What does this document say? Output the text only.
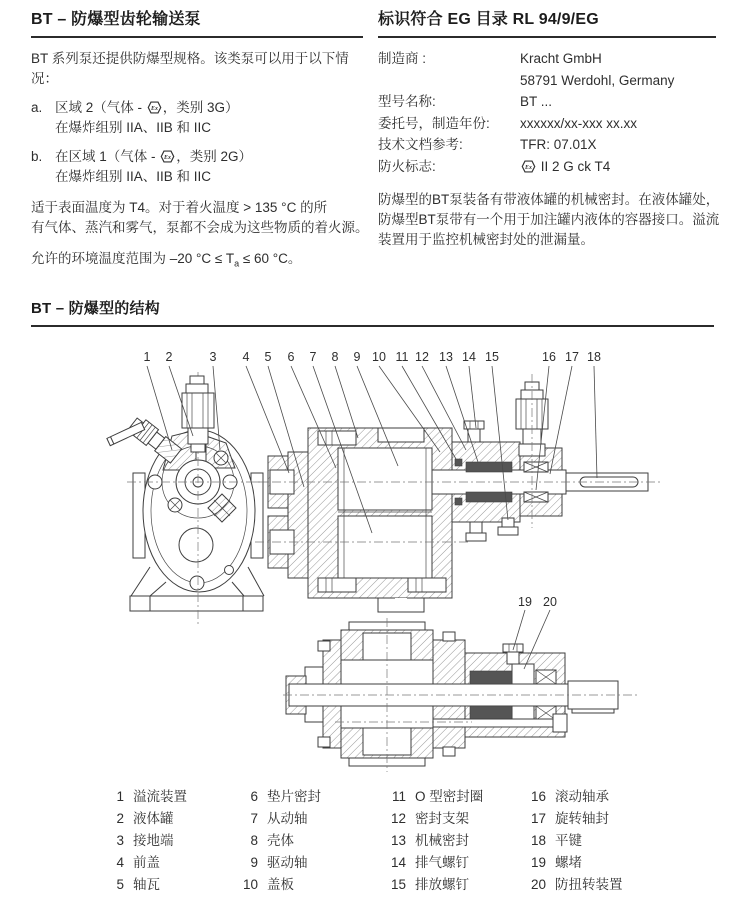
BT – 防爆型齿轮输送泵
BT 系列泵还提供防爆型规格。该类泵可以用于以下情
况：
a. 区域 2（气体 - Ex ，类别 3G）
在爆炸组别 IIA、IIB 和 IIC
b. 在区域 1（气体 - Ex ，类别 2G）
在爆炸组别 IIA、IIB 和 IIC
适于表面温度为 T4。对于着火温度 > 135 °C 的所
有气体、蒸汽和雾气，泵都不会成为这些物质的着火源。
允许的环境温度范围为 –20 $^\circ C \le T_a \le 60$ °C。
标识符合 EG 目录 RL 94/9/EG
制造商 :	Kracht GmbH
58791 Werdohl, Germany
型号名称:	BT ...
委托号，制造年份:	xxxxxx/xx-xxx xx.xx
技术文档参考:	TFR: 07.01X
防火标志:	Ex II 2 G ck T4
防爆型的BT泵装备有带液体罐的机械密封。在液体罐处，
防爆型BT泵带有一个用于加注罐内液体的容器接口。溢流
装置用于监控机械密封处的泄漏量。
BT – 防爆型的结构
1 2	3 4 5 6 7 8 9 10 11 12 13 14 15	16 17 18
19 20
1 溢流装置
2 液体罐
3 接地端
4 前盖
5 轴瓦
6 垫片密封
7 从动轴
8 壳体
9 驱动轴
10 盖板
11 O 型密封圈
12 密封支架
13 机械密封
14 排气螺钉
15 排放螺钉
16 滚动轴承
17 旋转轴封
18 平键
19 螺堵
20 防扭转装置
